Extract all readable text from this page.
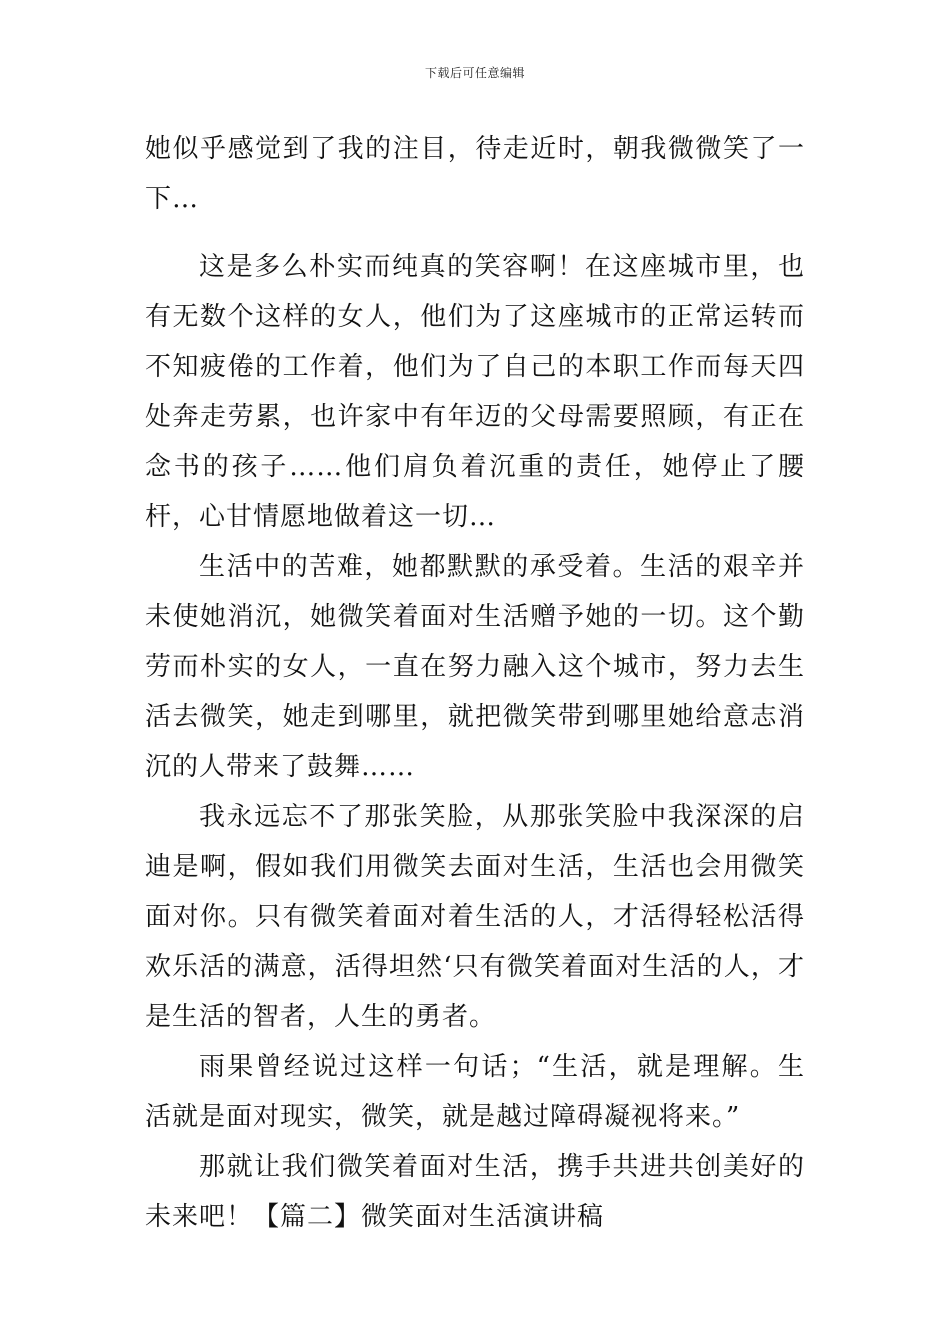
下载后可任意编辑

她似乎感觉到了我的注目，待走近时，朝我微微笑了一下…

这是多么朴实而纯真的笑容啊！在这座城市里，也有无数个这样的女人，他们为了这座城市的正常运转而不知疲倦的工作着，他们为了自己的本职工作而每天四处奔走劳累，也许家中有年迈的父母需要照顾，有正在念书的孩子……他们肩负着沉重的责任，她停止了腰杆，心甘情愿地做着这一切…

生活中的苦难，她都默默的承受着。生活的艰辛并未使她消沉，她微笑着面对生活赠予她的一切。这个勤劳而朴实的女人，一直在努力融入这个城市，努力去生活去微笑，她走到哪里，就把微笑带到哪里她给意志消沉的人带来了鼓舞……

我永远忘不了那张笑脸，从那张笑脸中我深深的启迪是啊，假如我们用微笑去面对生活，生活也会用微笑面对你。只有微笑着面对着生活的人，才活得轻松活得欢乐活的满意，活得坦然‘只有微笑着面对生活的人，才是生活的智者，人生的勇者。

雨果曾经说过这样一句话；“生活，就是理解。生活就是面对现实，微笑，就是越过障碍凝视将来。”

那就让我们微笑着面对生活，携手共进共创美好的未来吧！【篇二】微笑面对生活演讲稿
